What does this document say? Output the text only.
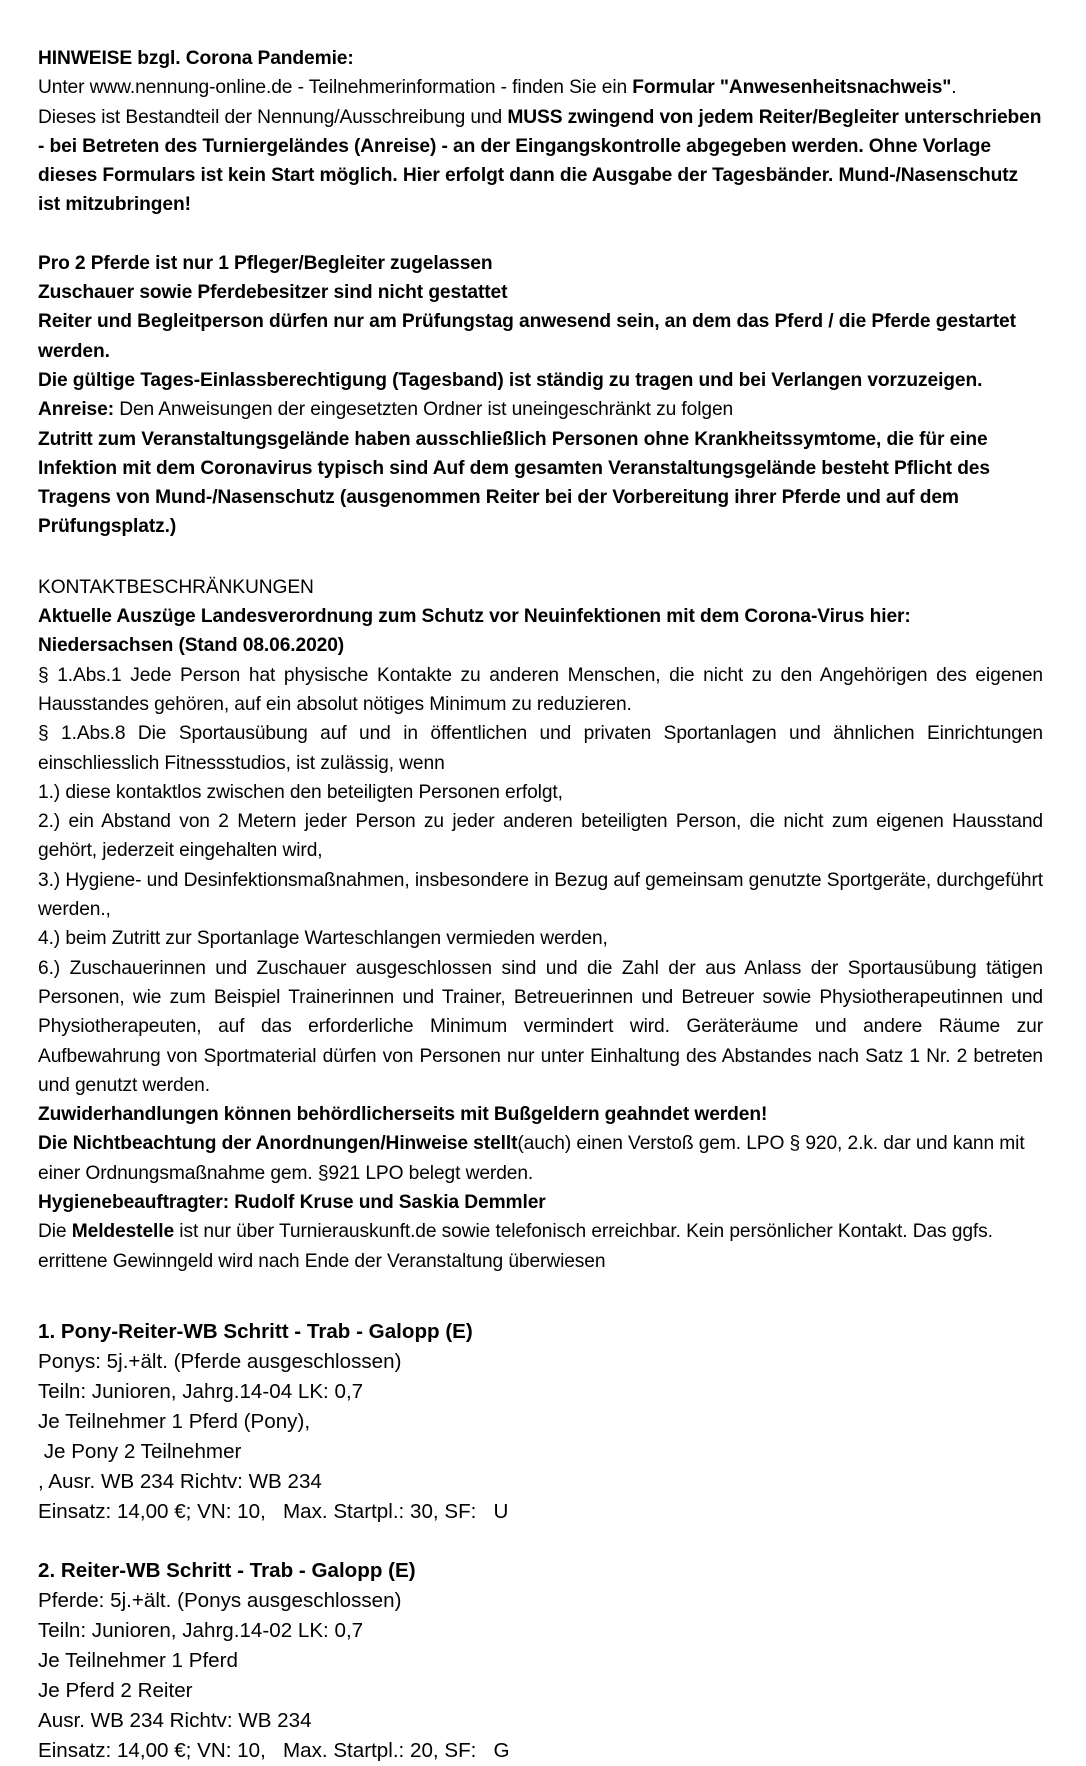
HINWEISE bzgl. Corona Pandemie:

Unter www.nennung-online.de - Teilnehmerinformation - finden Sie ein Formular "Anwesenheitsnachweis".

Dieses ist Bestandteil der Nennung/Ausschreibung und MUSS zwingend von jedem Reiter/Begleiter unterschrieben - bei Betreten des Turniergeländes (Anreise) - an der Eingangskontrolle abgegeben werden. Ohne Vorlage dieses Formulars ist kein Start möglich. Hier erfolgt dann die Ausgabe der Tagesbänder. Mund-/Nasenschutz ist mitzubringen!

Pro 2 Pferde ist nur 1 Pfleger/Begleiter zugelassen

Zuschauer sowie Pferdebesitzer sind nicht gestattet

Reiter und Begleitperson dürfen nur am Prüfungstag anwesend sein, an dem das Pferd / die Pferde gestartet werden.

Die gültige Tages-Einlassberechtigung (Tagesband) ist ständig zu tragen und bei Verlangen vorzuzeigen.

Anreise: Den Anweisungen der eingesetzten Ordner ist uneingeschränkt zu folgen

Zutritt zum Veranstaltungsgelände haben ausschließlich Personen ohne Krankheitssymtome, die für eine Infektion mit dem Coronavirus typisch sind Auf dem gesamten Veranstaltungsgelände besteht Pflicht des Tragens von Mund-/Nasenschutz (ausgenommen Reiter bei der Vorbereitung ihrer Pferde und auf dem Prüfungsplatz.)

KONTAKTBESCHRÄNKUNGEN

Aktuelle Auszüge Landesverordnung zum Schutz vor Neuinfektionen mit dem Corona-Virus hier: Niedersachsen (Stand 08.06.2020)

§ 1.Abs.1 Jede Person hat physische Kontakte zu anderen Menschen, die nicht zu den Angehörigen des eigenen Hausstandes gehören, auf ein absolut nötiges Minimum zu reduzieren.

§ 1.Abs.8 Die Sportausübung auf und in öffentlichen und privaten Sportanlagen und ähnlichen Einrichtungen einschliesslich Fitnessstudios, ist zulässig, wenn

1.) diese kontaktlos zwischen den beteiligten Personen erfolgt,

2.) ein Abstand von 2 Metern jeder Person zu jeder anderen beteiligten Person, die nicht zum eigenen Hausstand gehört, jederzeit eingehalten wird,

3.) Hygiene- und Desinfektionsmaßnahmen, insbesondere in Bezug auf gemeinsam genutzte Sportgeräte, durchgeführt werden.,

4.) beim Zutritt zur Sportanlage Warteschlangen vermieden werden,

6.) Zuschauerinnen und Zuschauer ausgeschlossen sind und die Zahl der aus Anlass der Sportausübung tätigen Personen, wie zum Beispiel Trainerinnen und Trainer, Betreuerinnen und Betreuer sowie Physiotherapeutinnen und Physiotherapeuten, auf das erforderliche Minimum vermindert wird. Geräteräume und andere Räume zur Aufbewahrung von Sportmaterial dürfen von Personen nur unter Einhaltung des Abstandes nach Satz 1 Nr. 2 betreten und genutzt werden.

Zuwiderhandlungen können behördlicherseits mit Bußgeldern geahndet werden!

Die Nichtbeachtung der Anordnungen/Hinweise stellt(auch) einen Verstoß gem. LPO § 920, 2.k. dar und kann mit einer Ordnungsmaßnahme gem. §921 LPO belegt werden.

Hygienebeauftragter: Rudolf Kruse und Saskia Demmler

Die Meldestelle ist nur über Turnierauskunft.de sowie telefonisch erreichbar. Kein persönlicher Kontakt. Das ggfs. errittene Gewinngeld wird nach Ende der Veranstaltung überwiesen

1. Pony-Reiter-WB Schritt - Trab - Galopp (E)

Ponys: 5j.+ält. (Pferde ausgeschlossen)

Teiln: Junioren, Jahrg.14-04 LK: 0,7

Je Teilnehmer 1 Pferd (Pony),

Je Pony 2 Teilnehmer

, Ausr. WB 234 Richtv: WB 234

Einsatz: 14,00 €; VN: 10,   Max. Startpl.: 30, SF:   U

2. Reiter-WB Schritt - Trab - Galopp (E)

Pferde: 5j.+ält. (Ponys ausgeschlossen)

Teiln: Junioren, Jahrg.14-02 LK: 0,7

Je Teilnehmer 1 Pferd

Je Pferd 2 Reiter

Ausr. WB 234 Richtv: WB 234

Einsatz: 14,00 €; VN: 10,   Max. Startpl.: 20, SF:   G
